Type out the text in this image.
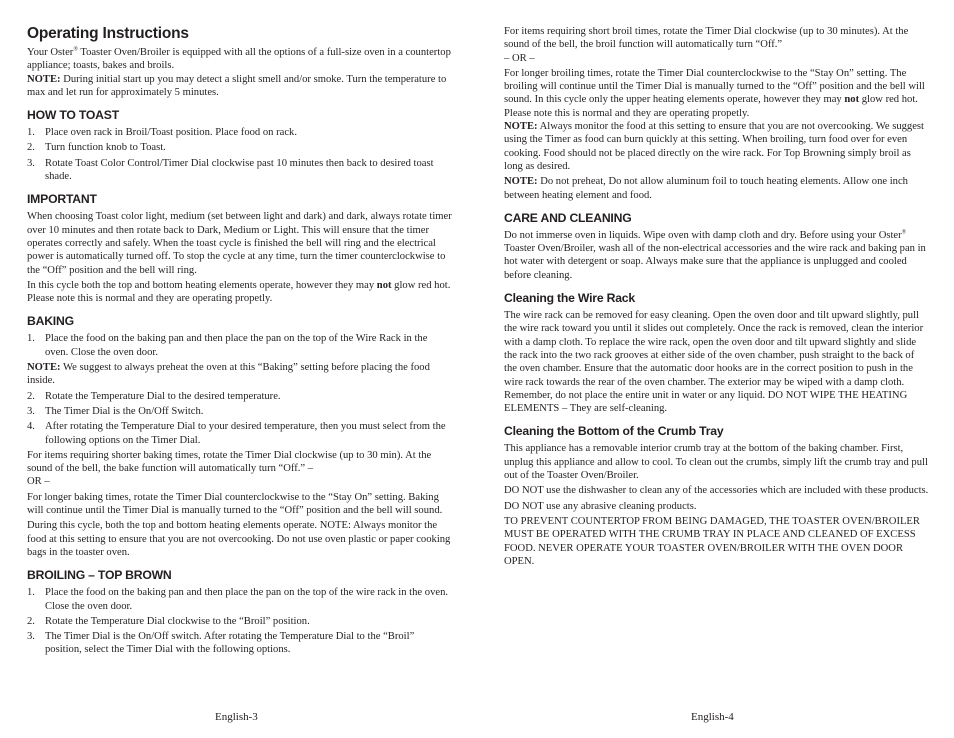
Operating Instructions

Your Oster® Toaster Oven/Broiler is equipped with all the options of a full-size oven in a countertop appliance; toasts, bakes and broils.

NOTE: During initial start up you may detect a slight smell and/or smoke. Turn the temperature to max and let run for approximately 5 minutes.

HOW TO TOAST
1. Place oven rack in Broil/Toast position. Place food on rack.
2. Turn function knob to Toast.
3. Rotate Toast Color Control/Timer Dial clockwise past 10 minutes then back to desired toast shade.
IMPORTANT

When choosing Toast color light, medium (set between light and dark) and dark, always rotate timer over 10 minutes and then rotate back to Dark, Medium or Light. This will ensure that the timer operates correctly and safely. When the toast cycle is finished the bell will ring and the electrical power is automatically turned off. To stop the cycle at any time, turn the timer counterclockwise to the “Off” position and the bell will ring.

In this cycle both the top and bottom heating elements operate, however they may not glow red hot. Please note this is normal and they are operating propetly.

BAKING
1. Place the food on the baking pan and then place the pan on the top of the Wire Rack in the oven. Close the oven door.

NOTE: We suggest to always preheat the oven at this “Baking” setting before placing the food inside.

2. Rotate the Temperature Dial to the desired temperature.
3. The Timer Dial is the On/Off Switch.
4. After rotating the Temperature Dial to your desired temperature, then you must select from the following options on the Timer Dial.

For items requiring shorter baking times, rotate the Timer Dial clockwise (up to 30 min). At the sound of the bell, the bake function will automatically turn “Off.” –

OR –

For longer baking times, rotate the Timer Dial counterclockwise to the “Stay On” setting. Baking will continue until the Timer Dial is manually turned to the “Off” position and the bell will sound.

During this cycle, both the top and bottom heating elements operate. NOTE: Always monitor the food at this setting to ensure that you are not overcooking. Do not use oven plastic or paper cooking bags in the toaster oven.

BROILING – TOP BROWN
1. Place the food on the baking pan and then place the pan on the top of the wire rack in the oven. Close the oven door.
2. Rotate the Temperature Dial clockwise to the “Broil” position.
3. The Timer Dial is the On/Off switch. After rotating the Temperature Dial to the “Broil” position, select the Timer Dial with the following options.
English-3

For items requiring short broil times, rotate the Timer Dial clockwise (up to 30 minutes). At the sound of the bell, the broil function will automatically turn “Off.”

– OR –

For longer broiling times, rotate the Timer Dial counterclockwise to the “Stay On” setting. The broiling will continue until the Timer Dial is manually turned to the “Off” position and the bell will sound. In this cycle only the upper heating elements operate, however they may not glow red hot. Please note this is normal and they are operating propetly.

NOTE: Always monitor the food at this setting to ensure that you are not overcooking. We suggest using the Timer as food can burn quickly at this setting. When broiling, turn food over for even cooking. Food should not be placed directly on the wire rack. For Top Browning simply broil as long as desired.

NOTE: Do not preheat, Do not allow aluminum foil to touch heating elements. Allow one inch between heating element and food.

CARE AND CLEANING

Do not immerse oven in liquids. Wipe oven with damp cloth and dry. Before using your Oster® Toaster Oven/Broiler, wash all of the non-electrical accessories and the wire rack and baking pan in hot water with detergent or soap. Always make sure that the appliance is unplugged and cooled before cleaning.

Cleaning the Wire Rack

The wire rack can be removed for easy cleaning. Open the oven door and tilt upward slightly, pull the wire rack toward you until it slides out completely. Once the rack is removed, clean the interior with a damp cloth. To replace the wire rack, open the oven door and tilt upward slightly and slide the rack into the two rack grooves at either side of the oven chamber, push straight to the back of the oven chamber. Ensure that the automatic door hooks are in the correct position to push in the wire rack towards the rear of the oven chamber. The exterior may be wiped with a damp cloth. Remember, do not place the entire unit in water or any liquid. DO NOT WIPE THE HEATING ELEMENTS – They are self-cleaning.

Cleaning the Bottom of the Crumb Tray

This appliance has a removable interior crumb tray at the bottom of the baking chamber. First, unplug this appliance and allow to cool. To clean out the crumbs, simply lift the crumb tray and pull out of the Toaster Oven/Broiler.

DO NOT use the dishwasher to clean any of the accessories which are included with these products.

DO NOT use any abrasive cleaning products.

TO PREVENT COUNTERTOP FROM BEING DAMAGED, THE TOASTER OVEN/BROILER MUST BE OPERATED WITH THE CRUMB TRAY IN PLACE AND CLEANED OF EXCESS FOOD. NEVER OPERATE YOUR TOASTER OVEN/BROILER WITH THE OVEN DOOR OPEN.

English-4
